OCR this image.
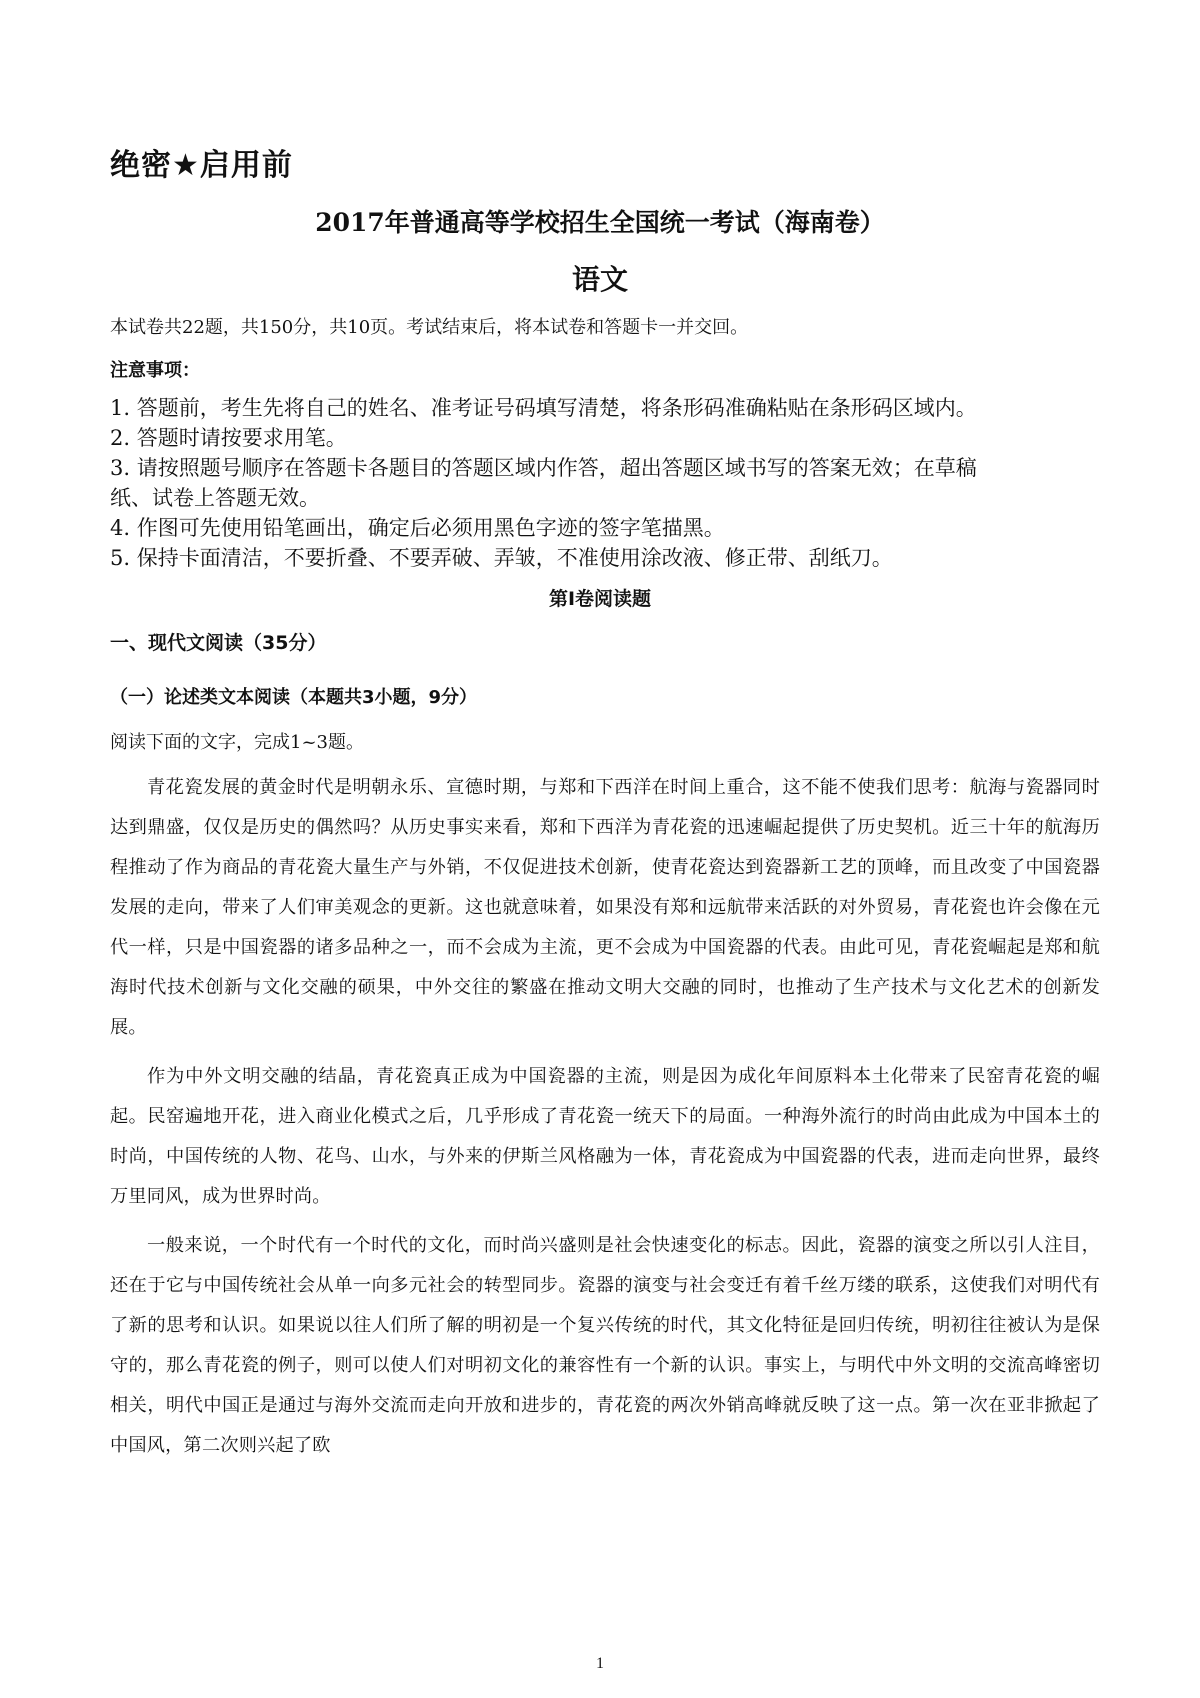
绝密★启用前
2017年普通高等学校招生全国统一考试（海南卷）
语文
本试卷共22题，共150分，共10页。考试结束后，将本试卷和答题卡一并交回。
注意事项：

1. 答题前，考生先将自己的姓名、准考证号码填写清楚，将条形码准确粘贴在条形码区域内。

2. 答题时请按要求用笔。

3. 请按照题号顺序在答题卡各题目的答题区域内作答，超出答题区域书写的答案无效；在草稿

纸、试卷上答题无效。

4. 作图可先使用铅笔画出，确定后必须用黑色字迹的签字笔描黑。

5. 保持卡面清洁，不要折叠、不要弄破、弄皱，不准使用涂改液、修正带、刮纸刀。

第Ⅰ卷阅读题
一、现代文阅读（35分）
（一）论述类文本阅读（本题共3小题，9分）
阅读下面的文字，完成1~3题。

青花瓷发展的黄金时代是明朝永乐、宣德时期，与郑和下西洋在时间上重合，这不能不使我们思考：航海与瓷器同时达到鼎盛，仅仅是历史的偶然吗？从历史事实来看，郑和下西洋为青花瓷的迅速崛起提供了历史契机。近三十年的航海历程推动了作为商品的青花瓷大量生产与外销，不仅促进技术创新，使青花瓷达到瓷器新工艺的顶峰，而且改变了中国瓷器发展的走向，带来了人们审美观念的更新。这也就意味着，如果没有郑和远航带来活跃的对外贸易，青花瓷也许会像在元代一样，只是中国瓷器的诸多品种之一，而不会成为主流，更不会成为中国瓷器的代表。由此可见，青花瓷崛起是郑和航海时代技术创新与文化交融的硕果，中外交往的繁盛在推动文明大交融的同时，也推动了生产技术与文化艺术的创新发展。

作为中外文明交融的结晶，青花瓷真正成为中国瓷器的主流，则是因为成化年间原料本土化带来了民窑青花瓷的崛起。民窑遍地开花，进入商业化模式之后，几乎形成了青花瓷一统天下的局面。一种海外流行的时尚由此成为中国本土的时尚，中国传统的人物、花鸟、山水，与外来的伊斯兰风格融为一体，青花瓷成为中国瓷器的代表，进而走向世界，最终万里同风，成为世界时尚。

一般来说，一个时代有一个时代的文化，而时尚兴盛则是社会快速变化的标志。因此，瓷器的演变之所以引人注目，还在于它与中国传统社会从单一向多元社会的转型同步。瓷器的演变与社会变迁有着千丝万缕的联系，这使我们对明代有了新的思考和认识。如果说以往人们所了解的明初是一个复兴传统的时代，其文化特征是回归传统，明初往往被认为是保守的，那么青花瓷的例子，则可以使人们对明初文化的兼容性有一个新的认识。事实上，与明代中外文明的交流高峰密切相关，明代中国正是通过与海外交流而走向开放和进步的，青花瓷的两次外销高峰就反映了这一点。第一次在亚非掀起了中国风，第二次则兴起了欧

1
